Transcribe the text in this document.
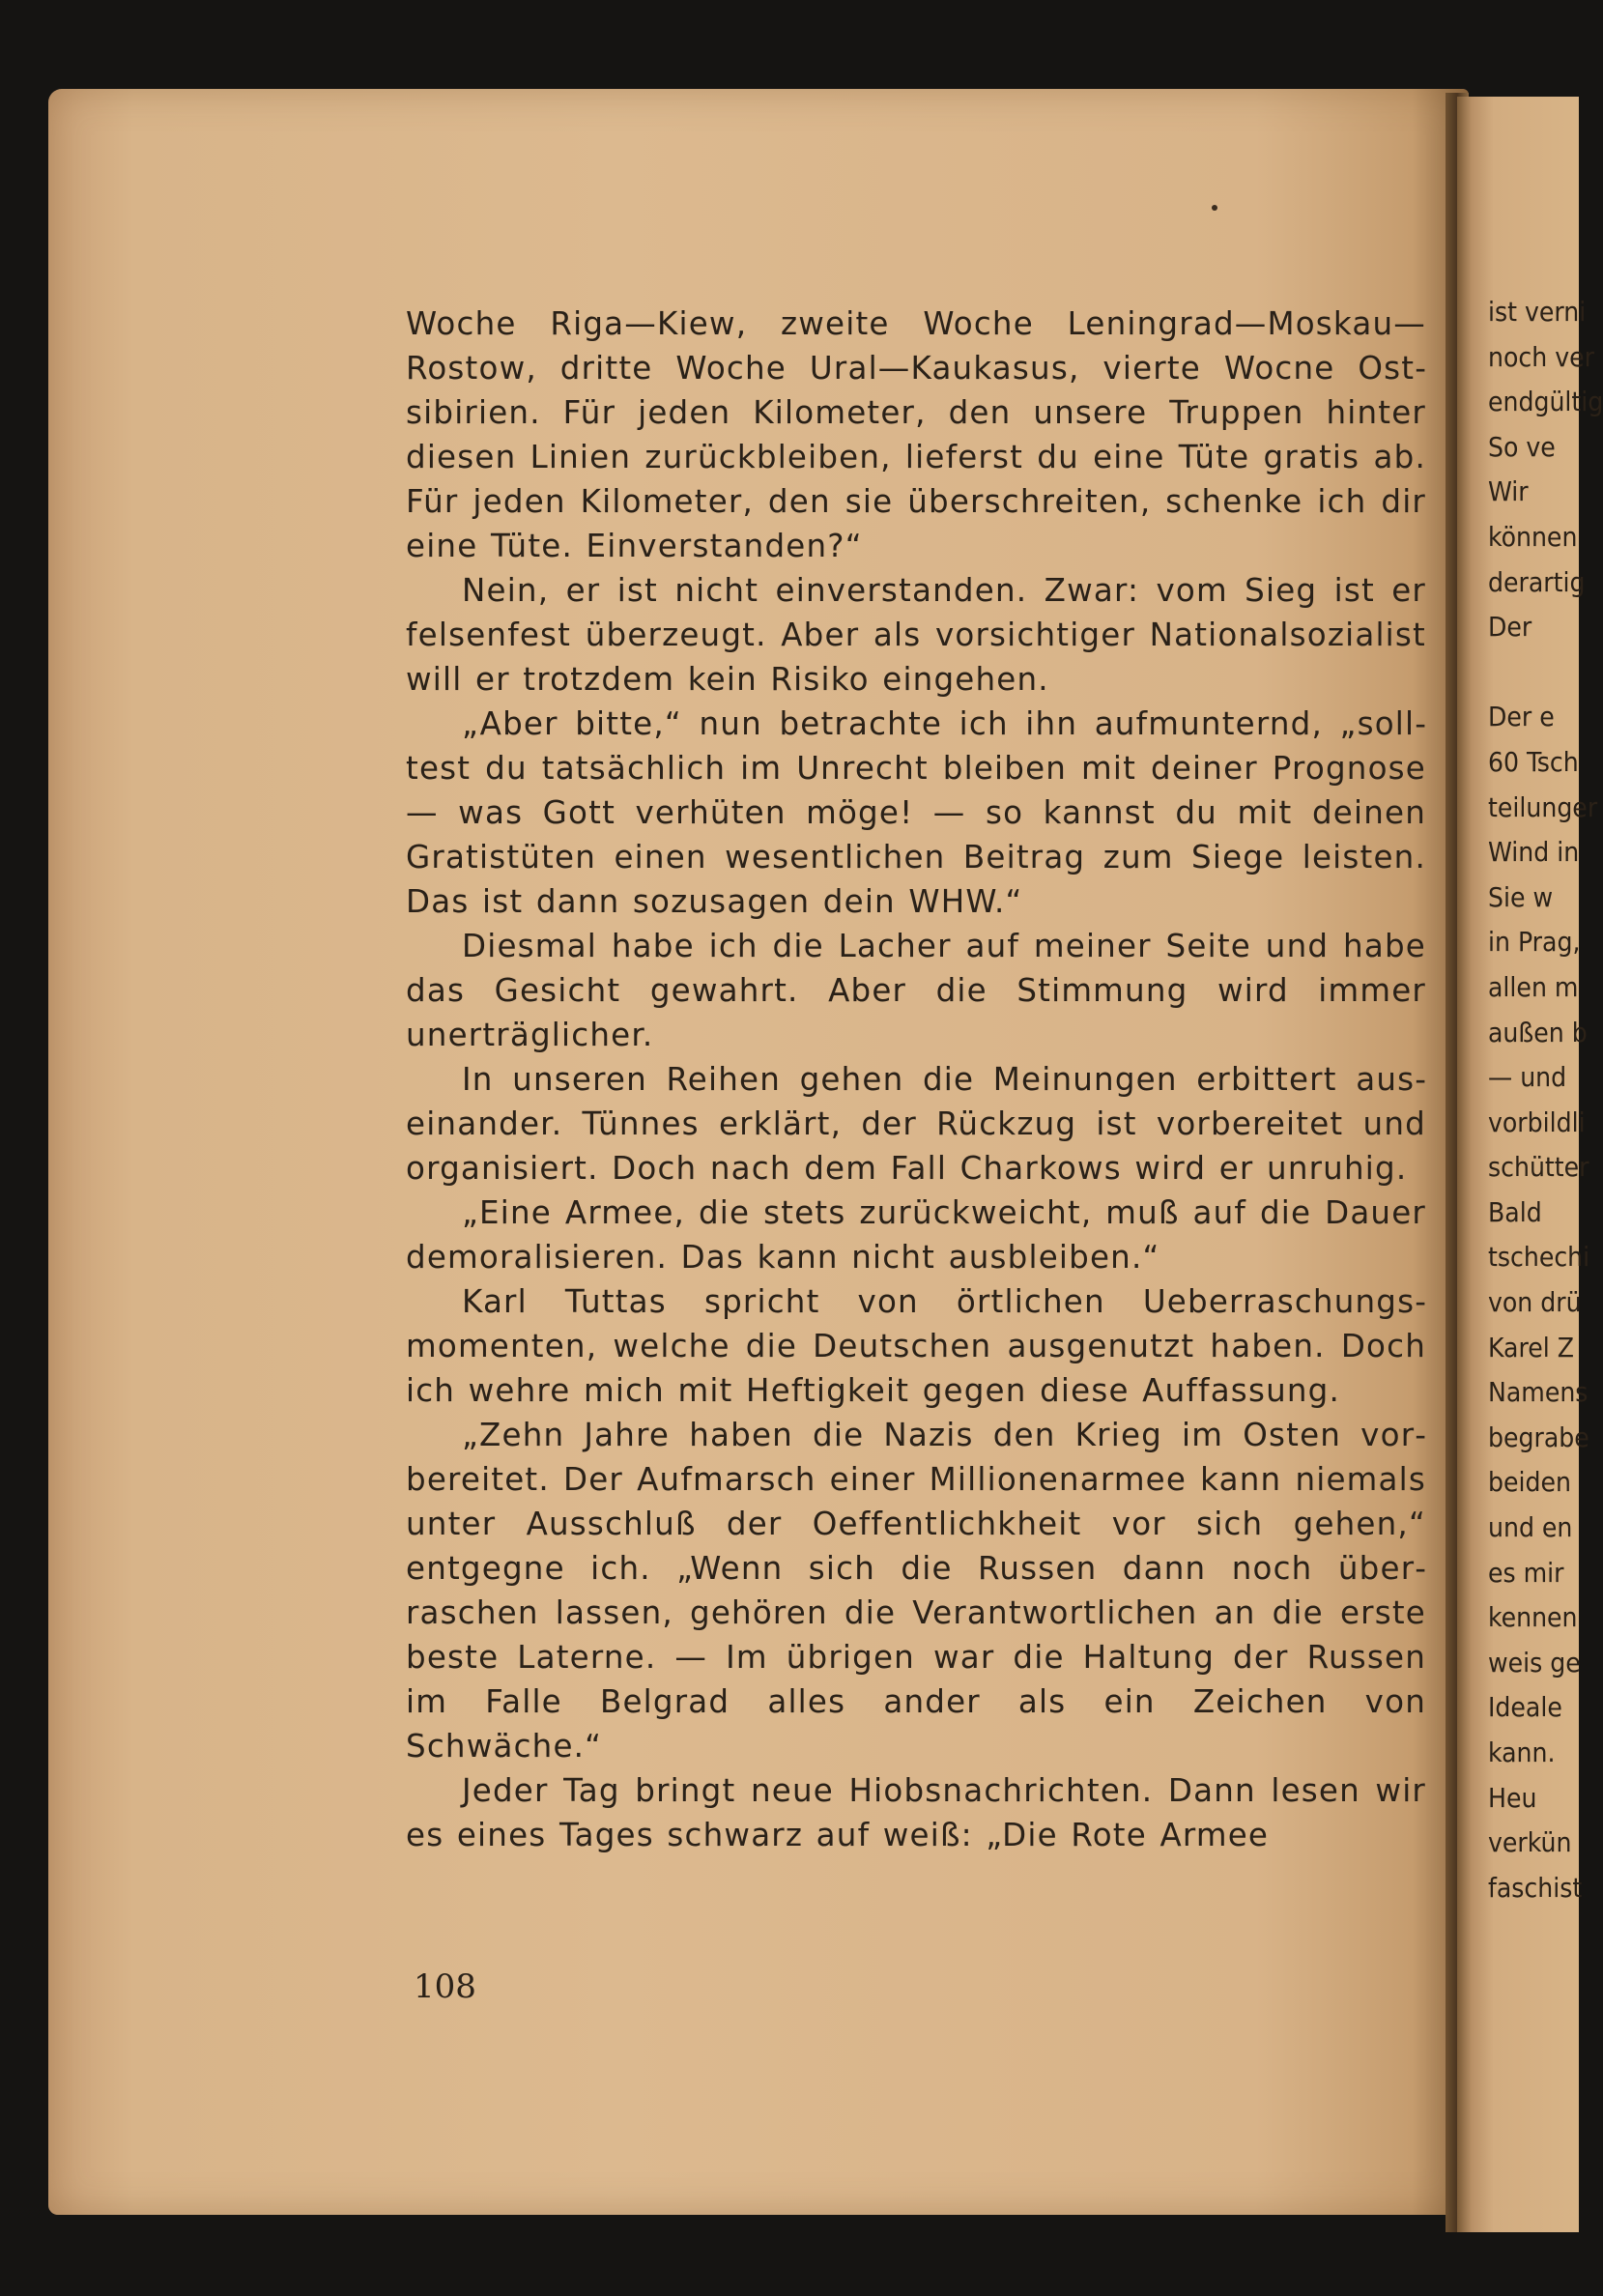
Woche Riga—Kiew, zweite Woche Leningrad—Moskau—Rostow, dritte Woche Ural—Kaukasus, vierte Wocne Ostsibirien. Für jeden Kilometer, den unsere Truppen hinter diesen Linien zurückbleiben, lieferst du eine Tüte gratis ab. Für jeden Kilometer, den sie überschreiten, schenke ich dir eine Tüte. Einverstanden?“

Nein, er ist nicht einverstanden. Zwar: vom Sieg ist er felsenfest überzeugt. Aber als vorsichtiger Nationalsozialist will er trotzdem kein Risiko eingehen.

„Aber bitte,“ nun betrachte ich ihn aufmunternd, „solltest du tatsächlich im Unrecht bleiben mit deiner Prognose — was Gott verhüten möge! — so kannst du mit deinen Gratistüten einen wesentlichen Beitrag zum Siege leisten. Das ist dann sozusagen dein WHW.“

Diesmal habe ich die Lacher auf meiner Seite und habe das Gesicht gewahrt. Aber die Stimmung wird immer unerträglicher.

In unseren Reihen gehen die Meinungen erbittert auseinander. Tünnes erklärt, der Rückzug ist vorbereitet und organisiert. Doch nach dem Fall Charkows wird er unruhig.

„Eine Armee, die stets zurückweicht, muß auf die Dauer demoralisieren. Das kann nicht ausbleiben.“

Karl Tuttas spricht von örtlichen Ueberraschungsmomenten, welche die Deutschen ausgenutzt haben. Doch ich wehre mich mit Heftigkeit gegen diese Auffassung.

„Zehn Jahre haben die Nazis den Krieg im Osten vorbereitet. Der Aufmarsch einer Millionenarmee kann niemals unter Ausschluß der Oeffentlichkheit vor sich gehen,“ entgegne ich. „Wenn sich die Russen dann noch überraschen lassen, gehören die Verantwortlichen an die erste beste Laterne. — Im übrigen war die Haltung der Russen im Falle Belgrad alles ander als ein Zeichen von Schwäche.“

Jeder Tag bringt neue Hiobsnachrichten. Dann lesen wir es eines Tages schwarz auf weiß: „Die Rote Armee

108
ist verni
noch ver
endgültig
So ve
Wir
können
derartig
Der
Der e
60 Tsch
teilunger
Wind in
Sie w
in Prag,
allen m
außen b
— und
vorbildli
schütter
Bald
tschechi
von drü
Karel Z
Namens
begrabe
beiden
und en
es mir
kennen
weis ge
Ideale
kann.
Heu
verkün
faschist
